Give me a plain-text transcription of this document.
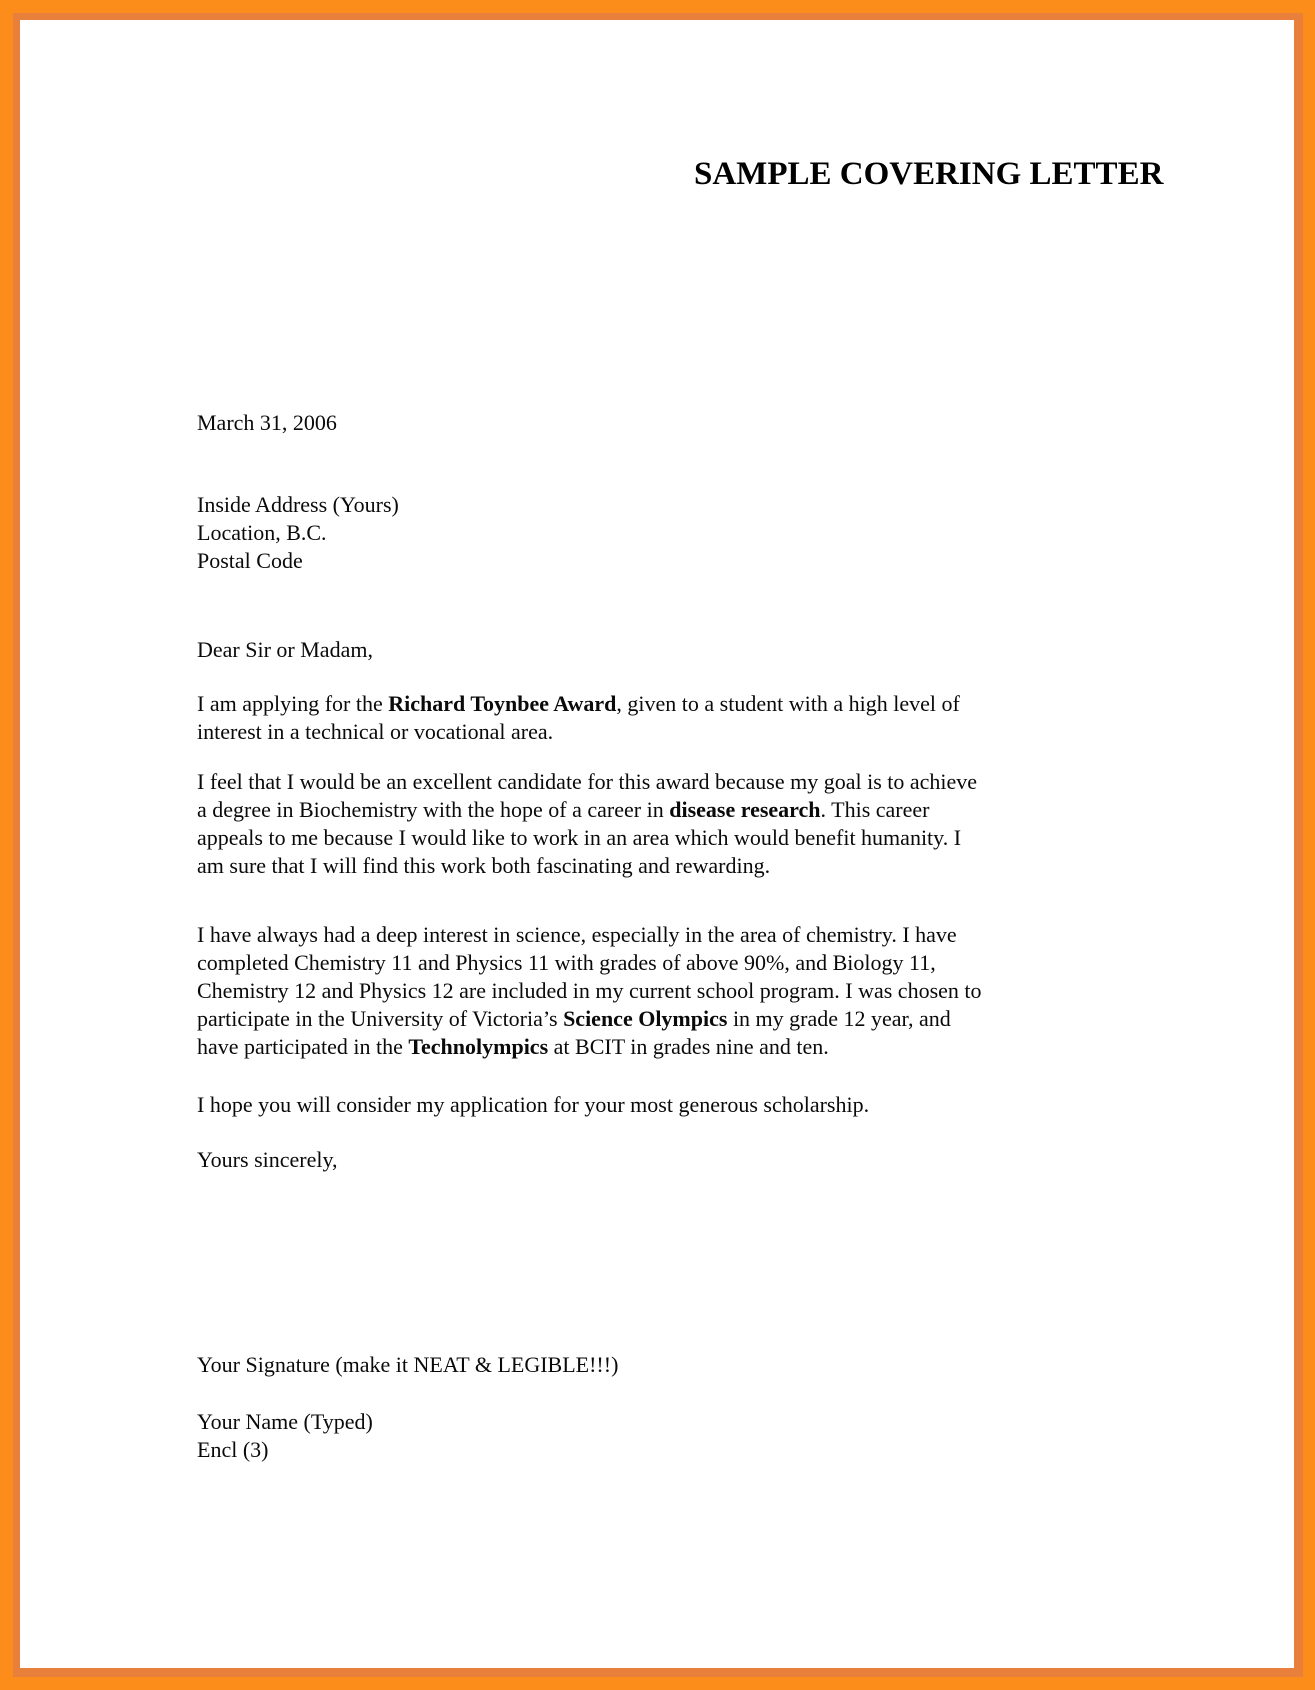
SAMPLE COVERING LETTER
March 31, 2006
Inside Address (Yours)
Location, B.C.
Postal Code
Dear Sir or Madam,

I am applying for the Richard Toynbee Award, given to a student with a high level of
interest in a technical or vocational area.

I feel that I would be an excellent candidate for this award because my goal is to achieve
a degree in Biochemistry with the hope of a career in disease research. This career
appeals to me because I would like to work in an area which would benefit humanity. I
am sure that I will find this work both fascinating and rewarding.

I have always had a deep interest in science, especially in the area of chemistry. I have
completed Chemistry 11 and Physics 11 with grades of above 90%, and Biology 11,
Chemistry 12 and Physics 12 are included in my current school program. I was chosen to
participate in the University of Victoria’s Science Olympics in my grade 12 year, and
have participated in the Technolympics at BCIT in grades nine and ten.

I hope you will consider my application for your most generous scholarship.

Yours sincerely,
Your Signature (make it NEAT & LEGIBLE!!!)
Your Name (Typed)
Encl (3)
